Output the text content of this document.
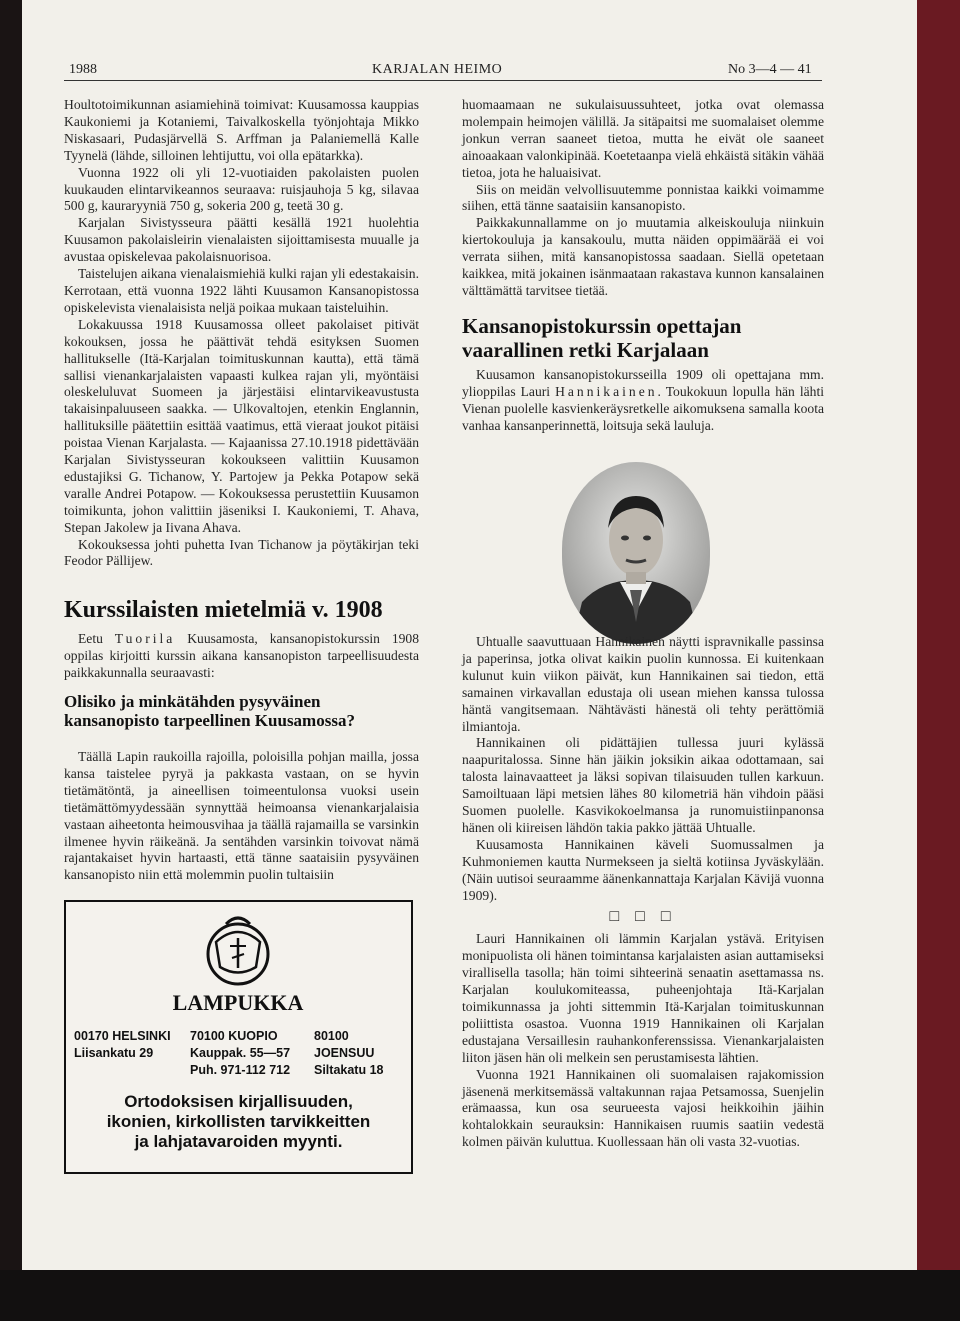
1988	KARJALAN HEIMO	No 3—4 — 41

Houltotoimikunnan asiamiehinä toimivat: Kuusamossa kauppias Kaukoniemi ja Kotaniemi, Taivalkoskella työnjohtaja Mikko Niskasaari, Pudasjärvellä S. Arffman ja Palaniemellä Kalle Tyynelä (lähde, silloinen lehtijuttu, voi olla epätarkka).

Vuonna 1922 oli yli 12-vuotiaiden pakolaisten puolen kuukauden elintarvikeannos seuraava: ruisjauhoja 5 kg, silavaa 500 g, kauraryyniä 750 g, sokeria 200 g, teetä 30 g.

Karjalan Sivistysseura päätti kesällä 1921 huolehtia Kuusamon pakolaisleirin vienalaisten sijoittamisesta muualle ja avustaa opiskelevaa pakolaisnuorisoa.

Taistelujen aikana vienalaismiehiä kulki rajan yli edestakaisin. Kerrotaan, että vuonna 1922 lähti Kuusamon Kansanopistossa opiskelevista vienalaisista neljä poikaa mukaan taisteluihin.

Lokakuussa 1918 Kuusamossa olleet pakolaiset pitivät kokouksen, jossa he päättivät tehdä esityksen Suomen hallitukselle (Itä-Karjalan toimituskunnan kautta), että tämä sallisi vienankarjalaisten vapaasti kulkea rajan yli, myöntäisi oleskeluluvat Suomeen ja järjestäisi elintarvikeavustusta takaisinpaluuseen saakka. — Ulkovaltojen, etenkin Englannin, hallituksille päätettiin esittää vaatimus, että vieraat joukot pitäisi poistaa Vienan Karjalasta. — Kajaanissa 27.10.1918 pidettävään Karjalan Sivistysseuran kokoukseen valittiin Kuusamon edustajiksi G. Tichanow, Y. Partojew ja Pekka Potapow sekä varalle Andrei Potapow. — Kokouksessa perustettiin Kuusamon toimikunta, johon valittiin jäseniksi I. Kaukoniemi, T. Ahava, Stepan Jakolew ja Iivana Ahava.

Kokouksessa johti puhetta Ivan Tichanow ja pöytäkirjan teki Feodor Pällijew.

Kurssilaisten mietelmiä v. 1908

Eetu Tuorila Kuusamosta, kansanopistokurssin 1908 oppilas kirjoitti kurssin aikana kansanopiston tarpeellisuudesta paikkakunnalla seuraavasti:

Olisiko ja minkätähden pysyväinen kansanopisto tarpeellinen Kuusamossa?

Täällä Lapin raukoilla rajoilla, poloisilla pohjan mailla, jossa kansa taistelee pyryä ja pakkasta vastaan, on se hyvin tietämätöntä, ja aineellisen toimeentulonsa vuoksi usein tietämättömyydessään synnyttää heimoansa vienankarjalaisia vastaan aiheetonta heimousvihaa ja täällä rajamailla se varsinkin ilmenee hyvin räikeänä. Ja sentähden varsinkin toivovat nämä rajantakaiset hyvin hartaasti, että tänne saataisiin pysyväinen kansanopisto niin että molemmin puolin tultaisiin

LAMPUKKA
00170 HELSINKI
Liisankatu 29
70100 KUOPIO
Kauppak. 55—57
Puh. 971-112 712
80100 JOENSUU
Siltakatu 18
Ortodoksisen kirjallisuuden,
ikonien, kirkollisten tarvikkeitten
ja lahjatavaroiden myynti.

huomaamaan ne sukulaisuussuhteet, jotka ovat olemassa molempain heimojen välillä. Ja sitäpaitsi me suomalaiset olemme jonkun verran saaneet tietoa, mutta he eivät ole saaneet ainoaakaan valonkipinää. Koetetaanpa vielä ehkäistä sitäkin vähää tietoa, jota he haluaisivat.

Siis on meidän velvollisuutemme ponnistaa kaikki voimamme siihen, että tänne saataisiin kansanopisto.

Paikkakunnallamme on jo muutamia alkeiskouluja niinkuin kiertokouluja ja kansakoulu, mutta näiden oppimäärää ei voi verrata siihen, mitä kansanopistossa saadaan. Siellä opetetaan kaikkea, mitä jokainen isänmaataan rakastava kunnon kansalainen välttämättä tarvitsee tietää.

Kansanopistokurssin opettajan vaarallinen retki Karjalaan

Kuusamon kansanopistokursseilla 1909 oli opettajana mm. ylioppilas Lauri Hannikainen. Toukokuun lopulla hän lähti Vienan puolelle kasvienkeräysretkelle aikomuksena samalla koota vanhaa kansanperinnettä, loitsuja sekä lauluja.

Uhtualle saavuttuaan Hannikainen näytti ispravnikalle passinsa ja paperinsa, jotka olivat kaikin puolin kunnossa. Ei kuitenkaan kulunut kuin viikon päivät, kun Hannikainen sai tiedon, että samainen virkavallan edustaja oli usean miehen kanssa tulossa häntä vangitsemaan. Nähtävästi hänestä oli tehty perättömiä ilmiantoja.

Hannikainen oli pidättäjien tullessa juuri kylässä naapuritalossa. Sinne hän jäikin joksikin aikaa odottamaan, sai talosta lainavaatteet ja läksi sopivan tilaisuuden tullen karkuun. Samoiltuaan läpi metsien lähes 80 kilometriä hän vihdoin pääsi Suomen puolelle. Kasvikokoelmansa ja runomuistiinpanonsa hänen oli kiireisen lähdön takia pakko jättää Uhtualle.

Kuusamosta Hannikainen käveli Suomussalmen ja Kuhmoniemen kautta Nurmekseen ja sieltä kotiinsa Jyväskylään. (Näin uutisoi seuraamme äänenkannattaja Karjalan Kävijä vuonna 1909).

□ □ □

Lauri Hannikainen oli lämmin Karjalan ystävä. Erityisen monipuolista oli hänen toimintansa karjalaisten asian auttamiseksi virallisella tasolla; hän toimi sihteerinä senaatin asettamassa ns. Karjalan koulukomiteassa, puheenjohtaja Itä-Karjalan toimikunnassa ja johti sittemmin Itä-Karjalan toimituskunnan poliittista osastoa. Vuonna 1919 Hannikainen oli Karjalan edustajana Versaillesin rauhankonferenssissa. Vienankarjalaisten liiton jäsen hän oli melkein sen perustamisesta lähtien.

Vuonna 1921 Hannikainen oli suomalaisen rajakomission jäsenenä merkitsemässä valtakunnan rajaa Petsamossa, Suenjelin erämaassa, kun osa seurueesta vajosi heikkoihin jäihin kohtalokkain seurauksin: Hannikaisen ruumis saatiin vedestä kolmen päivän kuluttua. Kuollessaan hän oli vasta 32-vuotias.
